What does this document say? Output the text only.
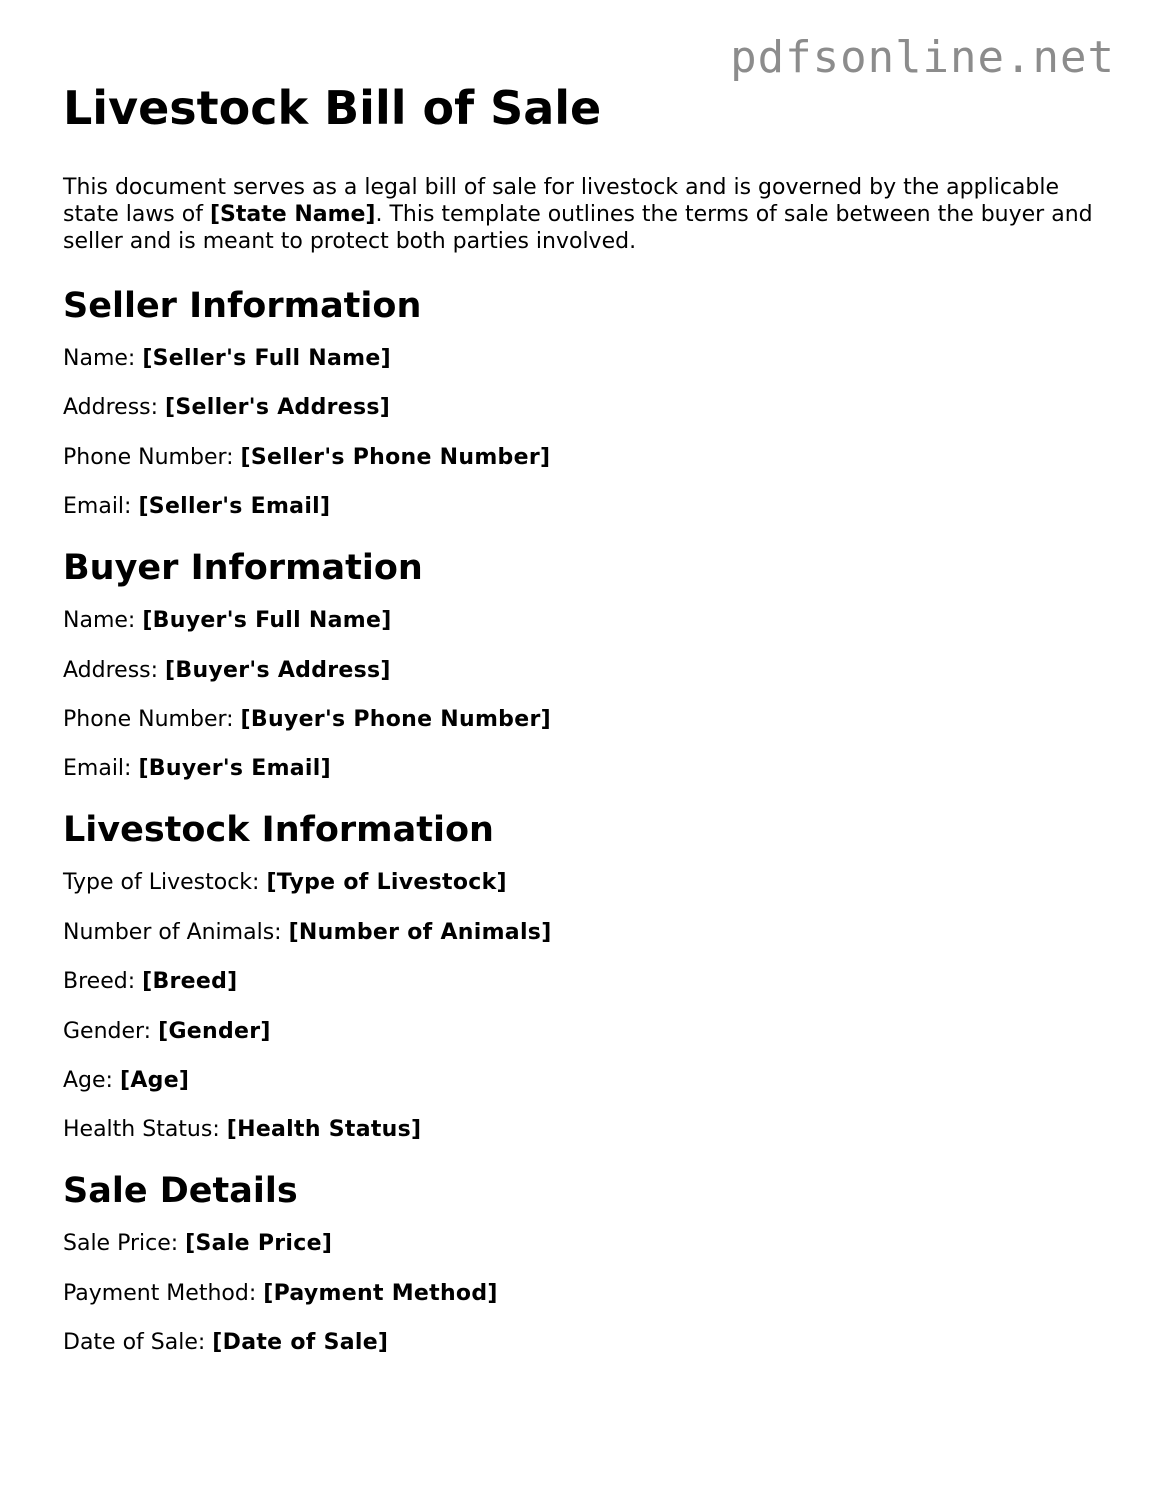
pdfsonline.net
Livestock Bill of Sale

This document serves as a legal bill of sale for livestock and is governed by the applicable state laws of [State Name]. This template outlines the terms of sale between the buyer and seller and is meant to protect both parties involved.

Seller Information
Name: [Seller's Full Name]
Address: [Seller's Address]
Phone Number: [Seller's Phone Number]
Email: [Seller's Email]
Buyer Information
Name: [Buyer's Full Name]
Address: [Buyer's Address]
Phone Number: [Buyer's Phone Number]
Email: [Buyer's Email]
Livestock Information
Type of Livestock: [Type of Livestock]
Number of Animals: [Number of Animals]
Breed: [Breed]
Gender: [Gender]
Age: [Age]
Health Status: [Health Status]
Sale Details
Sale Price: [Sale Price]
Payment Method: [Payment Method]
Date of Sale: [Date of Sale]
